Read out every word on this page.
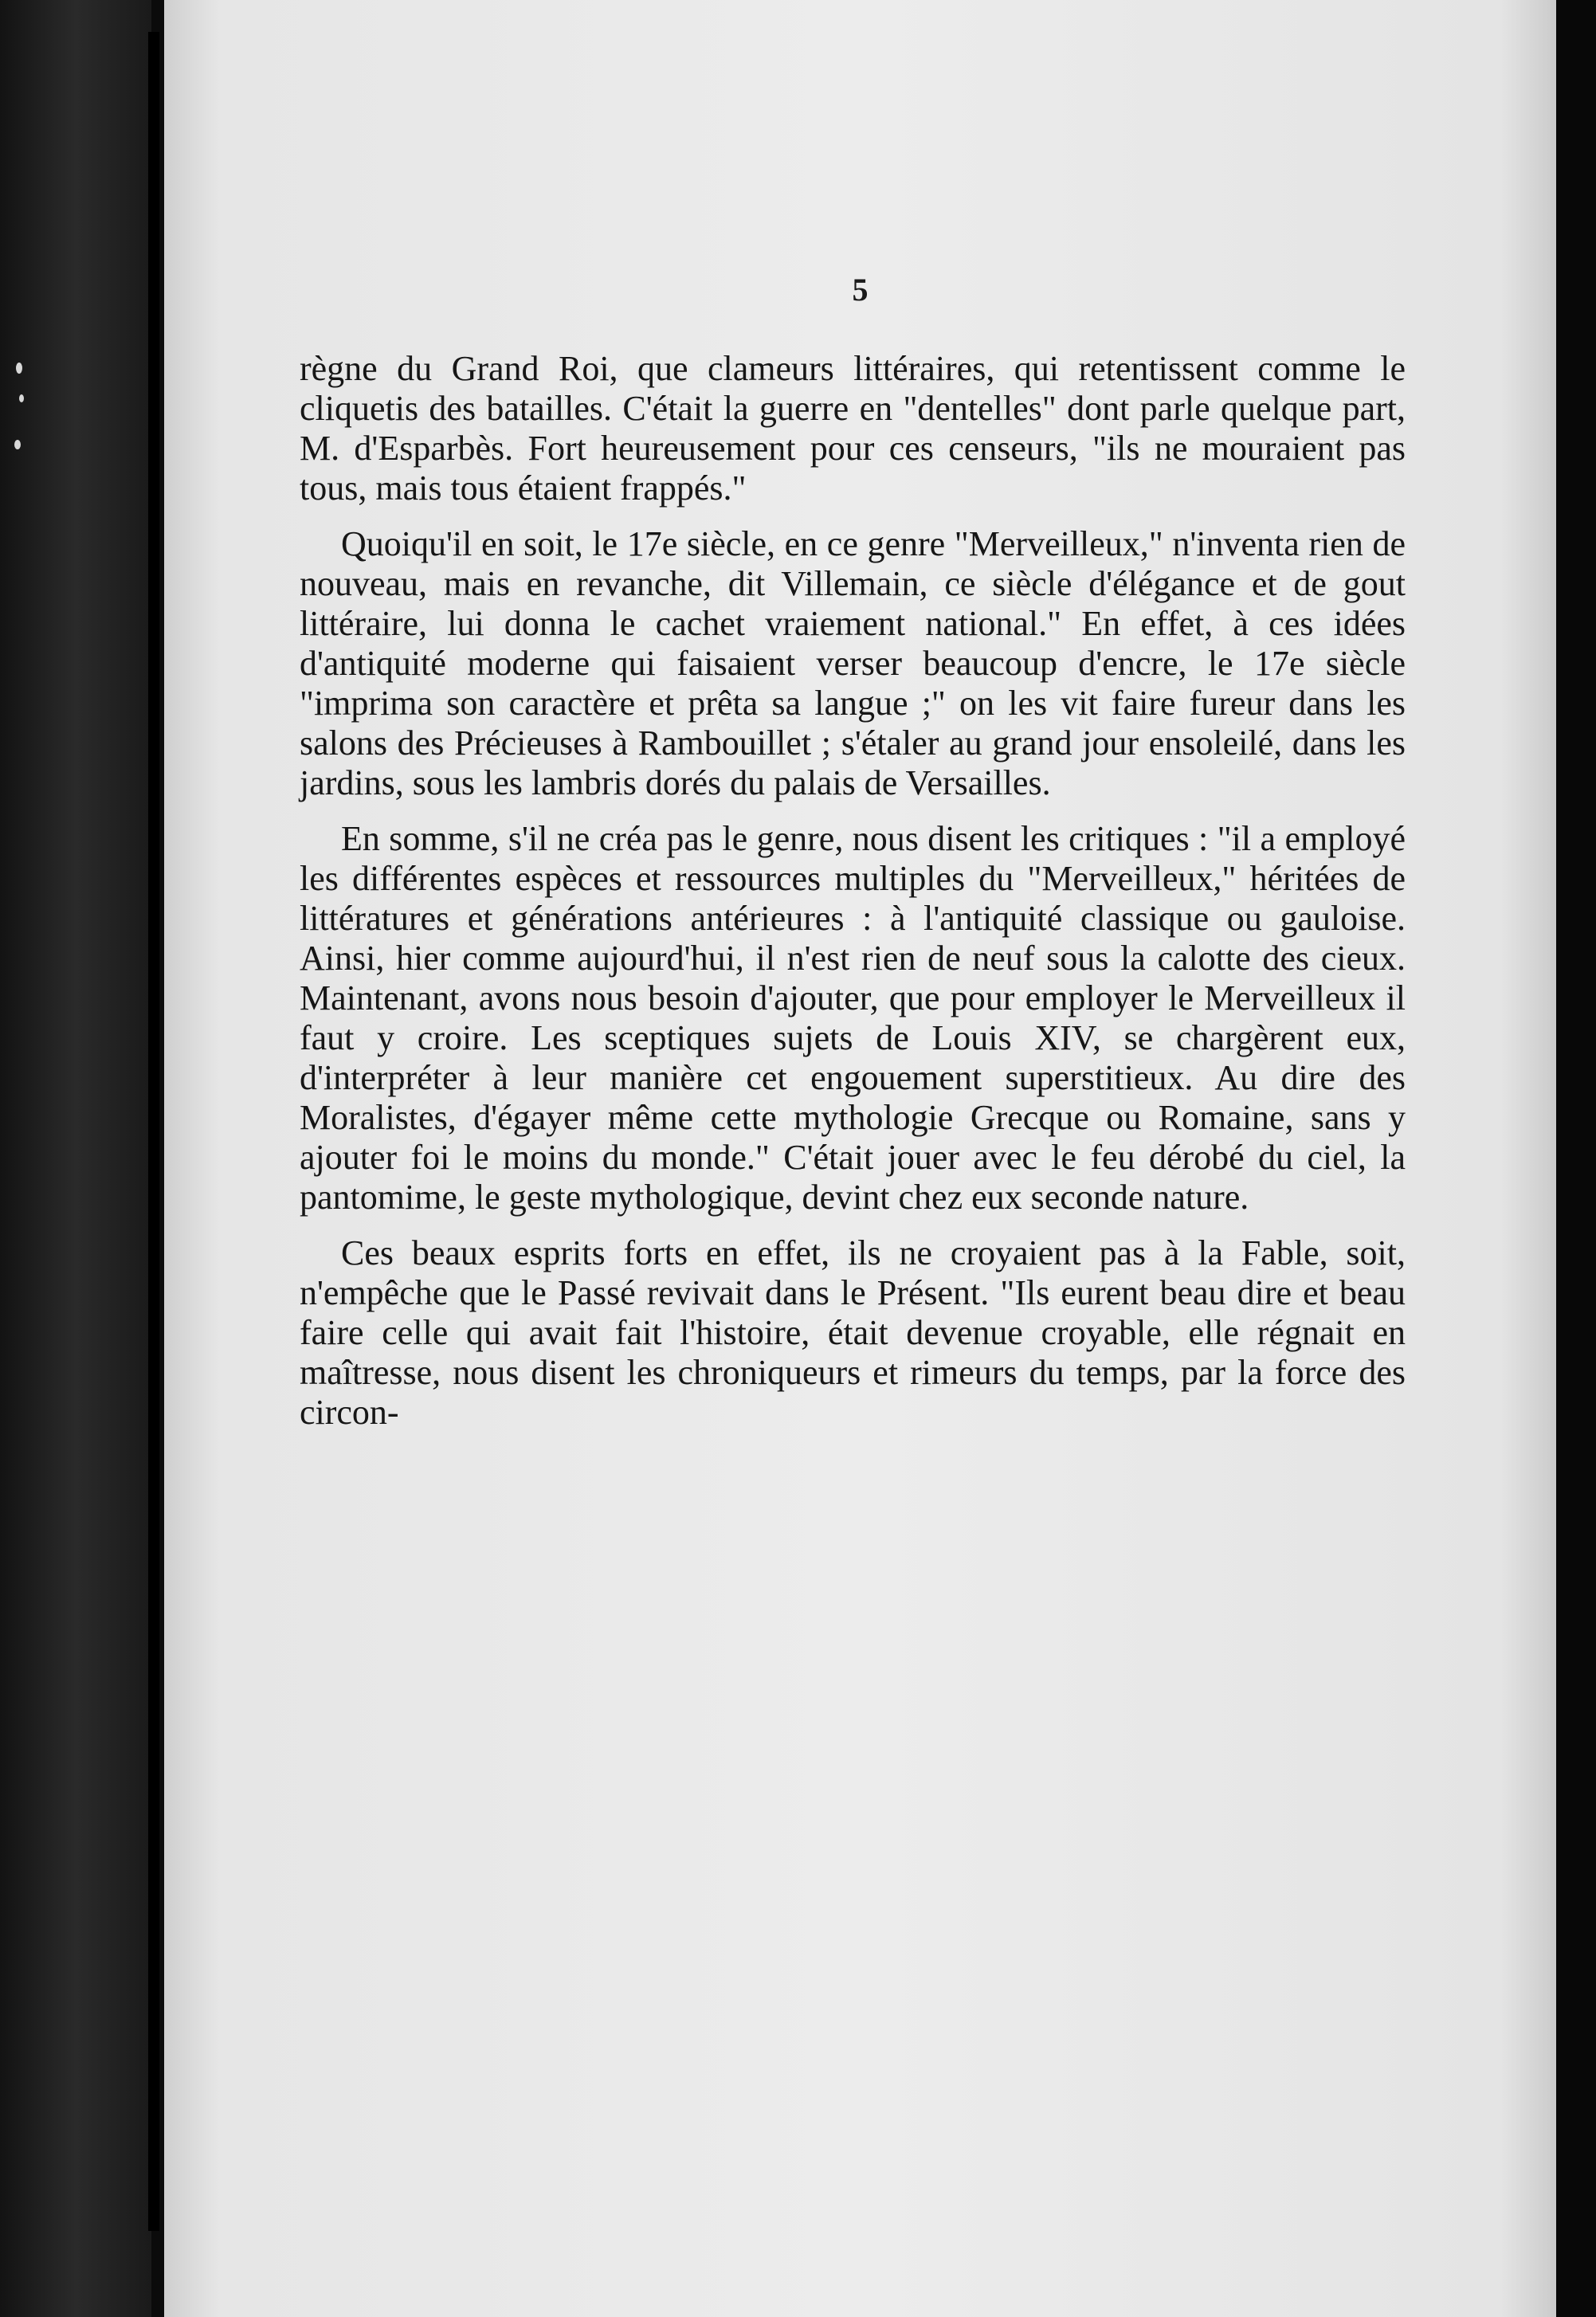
5

règne du Grand Roi, que clameurs littéraires, qui retentissent comme le cliquetis des batailles. C'était la guerre en "dentelles" dont parle quelque part, M. d'Esparbès. Fort heureusement pour ces censeurs, "ils ne mouraient pas tous, mais tous étaient frappés."

Quoiqu'il en soit, le 17e siècle, en ce genre "Merveilleux," n'inventa rien de nouveau, mais en revanche, dit Villemain, ce siècle d'élégance et de gout littéraire, lui donna le cachet vraiement national." En effet, à ces idées d'antiquité moderne qui faisaient verser beaucoup d'encre, le 17e siècle "imprima son caractère et prêta sa langue ;" on les vit faire fureur dans les salons des Précieuses à Rambouillet ; s'étaler au grand jour ensoleilé, dans les jardins, sous les lambris dorés du palais de Versailles.

En somme, s'il ne créa pas le genre, nous disent les critiques : "il a employé les différentes espèces et ressources multiples du "Merveilleux," héritées de littératures et générations antérieures : à l'antiquité classique ou gauloise. Ainsi, hier comme aujourd'hui, il n'est rien de neuf sous la calotte des cieux. Maintenant, avons nous besoin d'ajouter, que pour employer le Merveilleux il faut y croire. Les sceptiques sujets de Louis XIV, se chargèrent eux, d'interpréter à leur manière cet engouement superstitieux. Au dire des Moralistes, d'égayer même cette mythologie Grecque ou Romaine, sans y ajouter foi le moins du monde." C'était jouer avec le feu dérobé du ciel, la pantomime, le geste mythologique, devint chez eux seconde nature.

Ces beaux esprits forts en effet, ils ne croyaient pas à la Fable, soit, n'empêche que le Passé revivait dans le Présent. "Ils eurent beau dire et beau faire celle qui avait fait l'histoire, était devenue croyable, elle régnait en maîtresse, nous disent les chroniqueurs et rimeurs du temps, par la force des circon-
